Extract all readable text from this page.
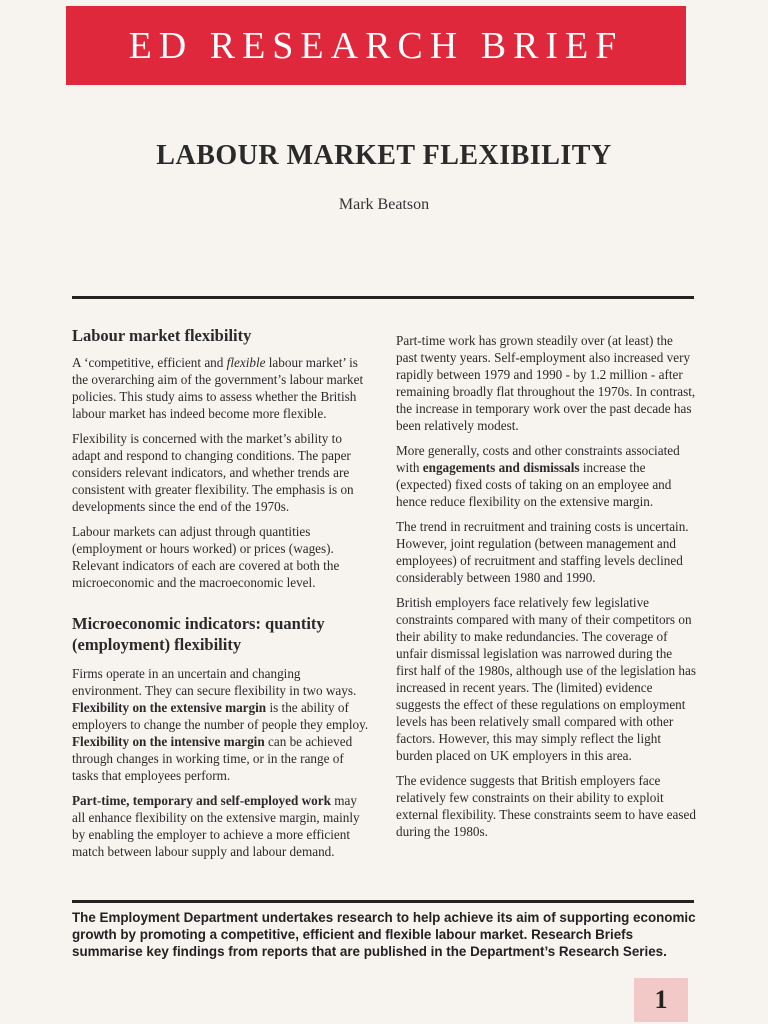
ED RESEARCH BRIEF
LABOUR MARKET FLEXIBILITY
Mark Beatson
Labour market flexibility

A ‘competitive, efficient and flexible labour market’ is the overarching aim of the government’s labour market policies. This study aims to assess whether the British labour market has indeed become more flexible.

Flexibility is concerned with the market’s ability to adapt and respond to changing conditions. The paper considers relevant indicators, and whether trends are consistent with greater flexibility. The emphasis is on developments since the end of the 1970s.

Labour markets can adjust through quantities (employment or hours worked) or prices (wages). Relevant indicators of each are covered at both the microeconomic and the macroeconomic level.

Microeconomic indicators: quantity (employment) flexibility

Firms operate in an uncertain and changing environment. They can secure flexibility in two ways. Flexibility on the extensive margin is the ability of employers to change the number of people they employ. Flexibility on the intensive margin can be achieved through changes in working time, or in the range of tasks that employees perform.

Part-time, temporary and self-employed work may all enhance flexibility on the extensive margin, mainly by enabling the employer to achieve a more efficient match between labour supply and labour demand.

Part-time work has grown steadily over (at least) the past twenty years. Self-employment also increased very rapidly between 1979 and 1990 - by 1.2 million - after remaining broadly flat throughout the 1970s. In contrast, the increase in temporary work over the past decade has been relatively modest.

More generally, costs and other constraints associated with engagements and dismissals increase the (expected) fixed costs of taking on an employee and hence reduce flexibility on the extensive margin.

The trend in recruitment and training costs is uncertain. However, joint regulation (between management and employees) of recruitment and staffing levels declined considerably between 1980 and 1990.

British employers face relatively few legislative constraints compared with many of their competitors on their ability to make redundancies. The coverage of unfair dismissal legislation was narrowed during the first half of the 1980s, although use of the legislation has increased in recent years. The (limited) evidence suggests the effect of these regulations on employment levels has been relatively small compared with other factors. However, this may simply reflect the light burden placed on UK employers in this area.

The evidence suggests that British employers face relatively few constraints on their ability to exploit external flexibility. These constraints seem to have eased during the 1980s.

The Employment Department undertakes research to help achieve its aim of supporting economic growth by promoting a competitive, efficient and flexible labour market. Research Briefs summarise key findings from reports that are published in the Department’s Research Series.
1
